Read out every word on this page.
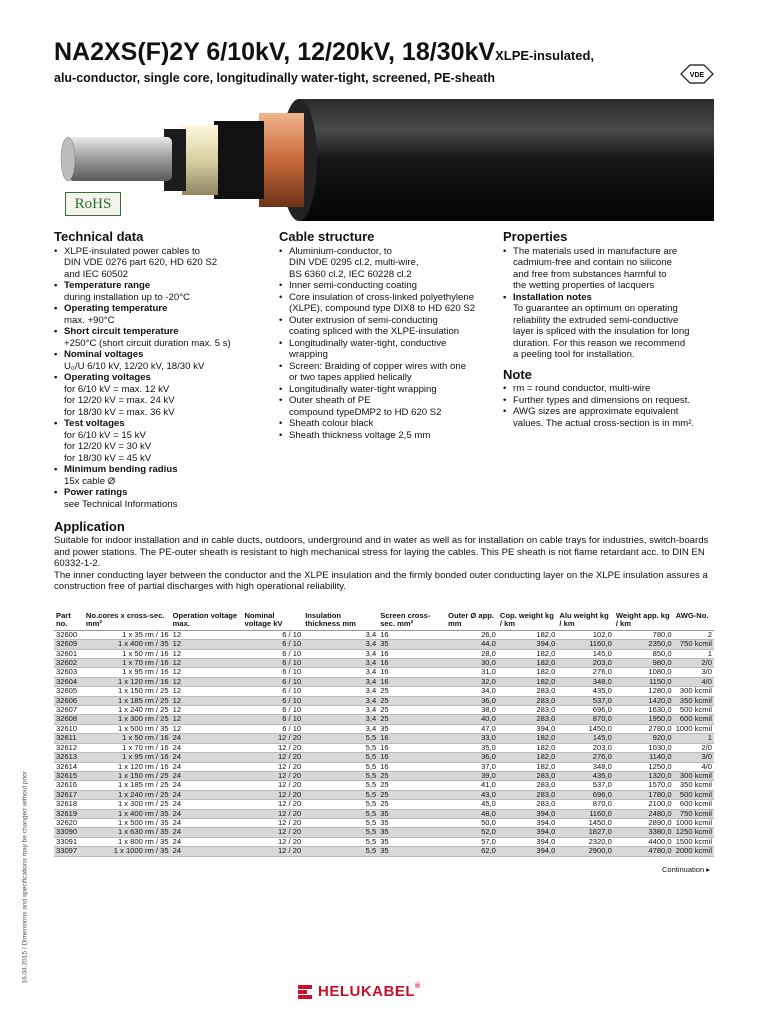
NA2XS(F)2Y 6/10kV, 12/20kV, 18/30kVXLPE-insulated,
alu-conductor, single core, longitudinally water-tight, screened, PE-sheath	VDE
RoHS
Technical data
• XLPE-insulated power cables to
DIN VDE 0276 part 620, HD 620 S2
and IEC 60502
• Temperature range
during installation up to -20°C
• Operating temperature
max. +90°C
• Short circuit temperature
+250°C (short circuit duration max. 5 s)
• Nominal voltages
U₀/U 6/10 kV, 12/20 kV, 18/30 kV
• Operating voltages
for 6/10 kV = max. 12 kV
for 12/20 kV = max. 24 kV
for 18/30 kV = max. 36 kV
• Test voltages
for 6/10 kV = 15 kV
for 12/20 kV = 30 kV
for 18/30 kV = 45 kV
• Minimum bending radius
15x cable Ø
• Power ratings
see Technical Informations
Cable structure
• Aluminium-conductor, to
DIN VDE 0295 cl.2, multi-wire,
BS 6360 cl.2, IEC 60228 cl.2
• Inner semi-conducting coating
• Core insulation of cross-linked polyethylene
(XLPE), compound type DIX8 to HD 620 S2
• Outer extrusion of semi-conducting
coating spliced with the XLPE-insulation
• Longitudinally water-tight, conductive
wrapping
• Screen: Braiding of copper wires with one
or two tapes applied helically
• Longitudinally water-tight wrapping
• Outer sheath of PE
compound typeDMP2 to HD 620 S2
• Sheath colour black
• Sheath thickness voltage 2,5 mm
Properties
• The materials used in manufacture are
cadmium-free and contain no silicone
and free from substances harmful to
the wetting properties of lacquers
• Installation notes
To guarantee an optimum on operating
reliability the extruded semi-conductive
layer is spliced with the insulation for long
duration. For this reason we recommend
a peeling tool for installation.
Note
• rm = round conductor, multi-wire
• Further types and dimensions on request.
• AWG sizes are approximate equivalent
values. The actual cross-section is in mm².
Application
Suitable for indoor installation and in cable ducts, outdoors, underground and in water as well as for installation on cable trays for industries, switch-boards and power stations. The PE-outer sheath is resistant to high mechanical stress for laying the cables. This PE sheath is not flame retardant acc. to DIN EN 60332-1-2.
The inner conducting layer between the conductor and the XLPE insulation and the firmly bonded outer conducting layer on the XLPE insulation assures a construction free of partial discharges with high operational reliability.
Part no.	No.cores x cross-sec. mm²	Operation voltage max.	Nominal voltage kV	Insulation thickness mm	Screen cross-sec. mm²	Outer Ø app. mm	Cop. weight kg / km	Alu weight kg / km	Weight app. kg / km	AWG-No.
32600	1 x 35 rm / 16	12	6 / 10	3,4	16	26,0	182,0	102,0	780,0	2
32609	1 x 400 rm / 35	12	6 / 10	3,4	35	44,0	394,0	1160,0	2350,0	750 kcmil
32601	1 x 50 rm / 16	12	6 / 10	3,4	16	28,0	182,0	145,0	850,0	1
32602	1 x 70 rm / 16	12	6 / 10	3,4	16	30,0	182,0	203,0	980,0	2/0
32603	1 x 95 rm / 16	12	6 / 10	3,4	16	31,0	182,0	276,0	1080,0	3/0
32604	1 x 120 rm / 16	12	6 / 10	3,4	16	32,0	182,0	348,0	1150,0	4/0
32605	1 x 150 rm / 25	12	6 / 10	3,4	25	34,0	283,0	435,0	1280,0	300 kcmil
32606	1 x 185 rm / 25	12	6 / 10	3,4	25	36,0	283,0	537,0	1420,0	350 kcmil
32607	1 x 240 rm / 25	12	6 / 10	3,4	25	38,0	283,0	696,0	1630,0	500 kcmil
32608	1 x 300 rm / 25	12	6 / 10	3,4	25	40,0	283,0	870,0	1950,0	600 kcmil
32610	1 x 500 rm / 35	12	6 / 10	3,4	35	47,0	394,0	1450,0	2780,0	1000 kcmil
32611	1 x 50 rm / 16	24	12 / 20	5,5	16	33,0	182,0	145,0	920,0	1
32612	1 x 70 rm / 16	24	12 / 20	5,5	16	35,0	182,0	203,0	1030,0	2/0
32613	1 x 95 rm / 16	24	12 / 20	5,5	16	36,0	182,0	276,0	1140,0	3/0
32614	1 x 120 rm / 16	24	12 / 20	5,5	16	37,0	182,0	348,0	1250,0	4/0
32615	1 x 150 rm / 25	24	12 / 20	5,5	25	39,0	283,0	435,0	1320,0	300 kcmil
32616	1 x 185 rm / 25	24	12 / 20	5,5	25	41,0	283,0	537,0	1570,0	350 kcmil
32617	1 x 240 rm / 25	24	12 / 20	5,5	25	43,0	283,0	696,0	1780,0	500 kcmil
32618	1 x 300 rm / 25	24	12 / 20	5,5	25	45,0	283,0	870,0	2100,0	600 kcmil
32619	1 x 400 rm / 35	24	12 / 20	5,5	35	48,0	394,0	1160,0	2480,0	750 kcmil
32620	1 x 500 rm / 35	24	12 / 20	5,5	35	50,0	394,0	1450,0	2890,0	1000 kcmil
33090	1 x 630 rm / 35	24	12 / 20	5,5	35	52,0	394,0	1827,0	3380,0	1250 kcmil
33091	1 x 800 rm / 35	24	12 / 20	5,5	35	57,0	394,0	2320,0	4400,0	1500 kcmil
33097	1 x 1000 rm / 35	24	12 / 20	5,5	35	62,0	394,0	2900,0	4780,0	2000 kcmil
Continuation ▸
16.04.2015 / Dimensions and specifications may be changed without prior
HELUKABEL ®
